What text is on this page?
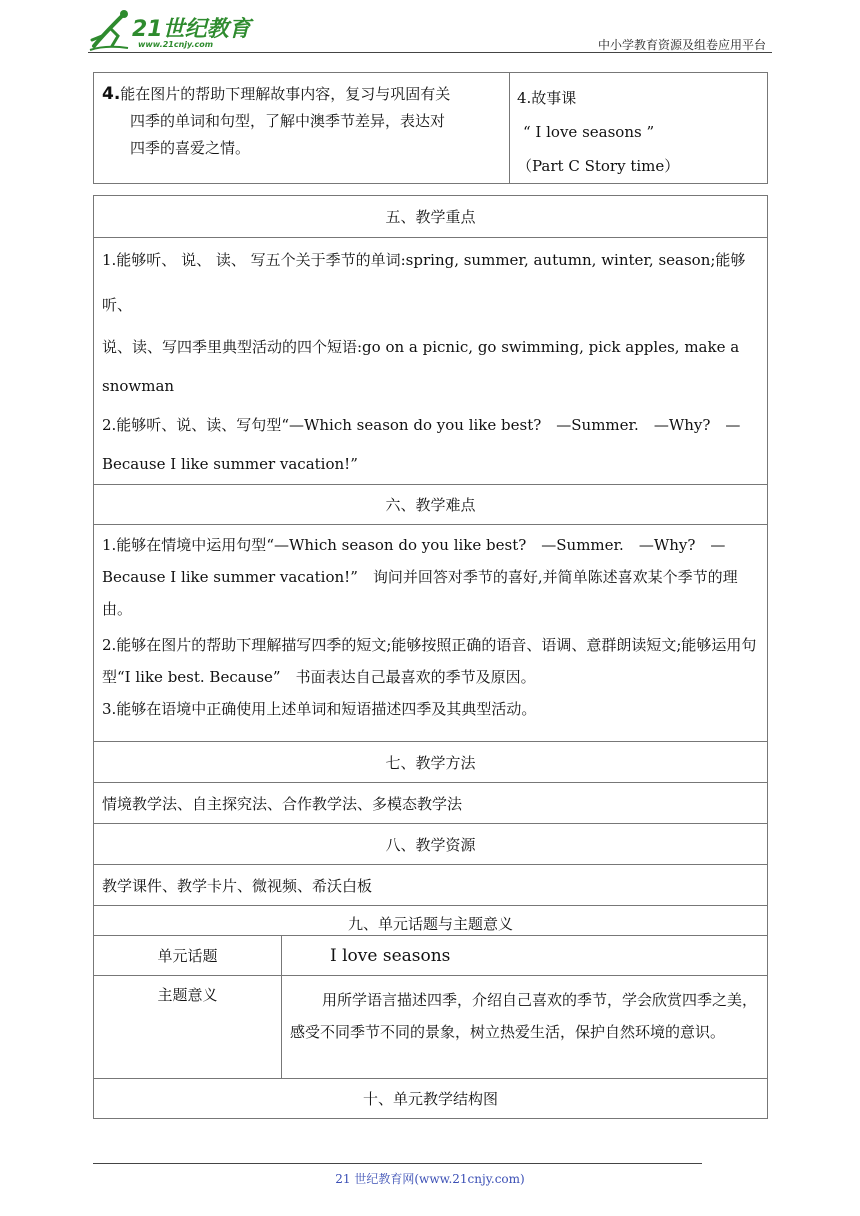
21世纪教育
www.21cnjy.com	中小学教育资源及组卷应用平台
4.能在图片的帮助下理解故事内容，复习与巩固有关
四季的单词和句型，了解中澳季节差异，表达对
四季的喜爱之情。

4.故事课
“ I love seasons ”
（Part C Story time）
五、教学重点	

1.能够听、 说、 读、 写五个关于季节的单词:spring, summer, autumn, winter, season;能够听、
说、读、写四季里典型活动的四个短语:go on a picnic, go swimming, pick apples, make a snowman
2.能够听、说、读、写句型“—Which season do you like best?　—Summer.　—Why?　—Because I like summer vacation!”	

六、教学难点	

1.能够在情境中运用句型“—Which season do you like best?　—Summer.　—Why?　—Because I like summer vacation!”　询问并回答对季节的喜好,并简单陈述喜欢某个季节的理由。
2.能够在图片的帮助下理解描写四季的短文;能够按照正确的语音、语调、意群朗读短文;能够运用句型“I like best. Because”　书面表达自己最喜欢的季节及原因。
3.能够在语境中正确使用上述单词和短语描述四季及其典型活动。	

七、教学方法	
情境教学法、自主探究法、合作教学法、多模态教学法	
八、教学资源	
教学课件、教学卡片、微视频、希沃白板	
九、单元话题与主题意义	
单元话题	I love seasons
主题意义	用所学语言描述四季，介绍自己喜欢的季节，学会欣赏四季之美，感受不同季节不同的景象，树立热爱生活，保护自然环境的意识。
十、单元教学结构图	
21 世纪教育网(www.21cnjy.com)
